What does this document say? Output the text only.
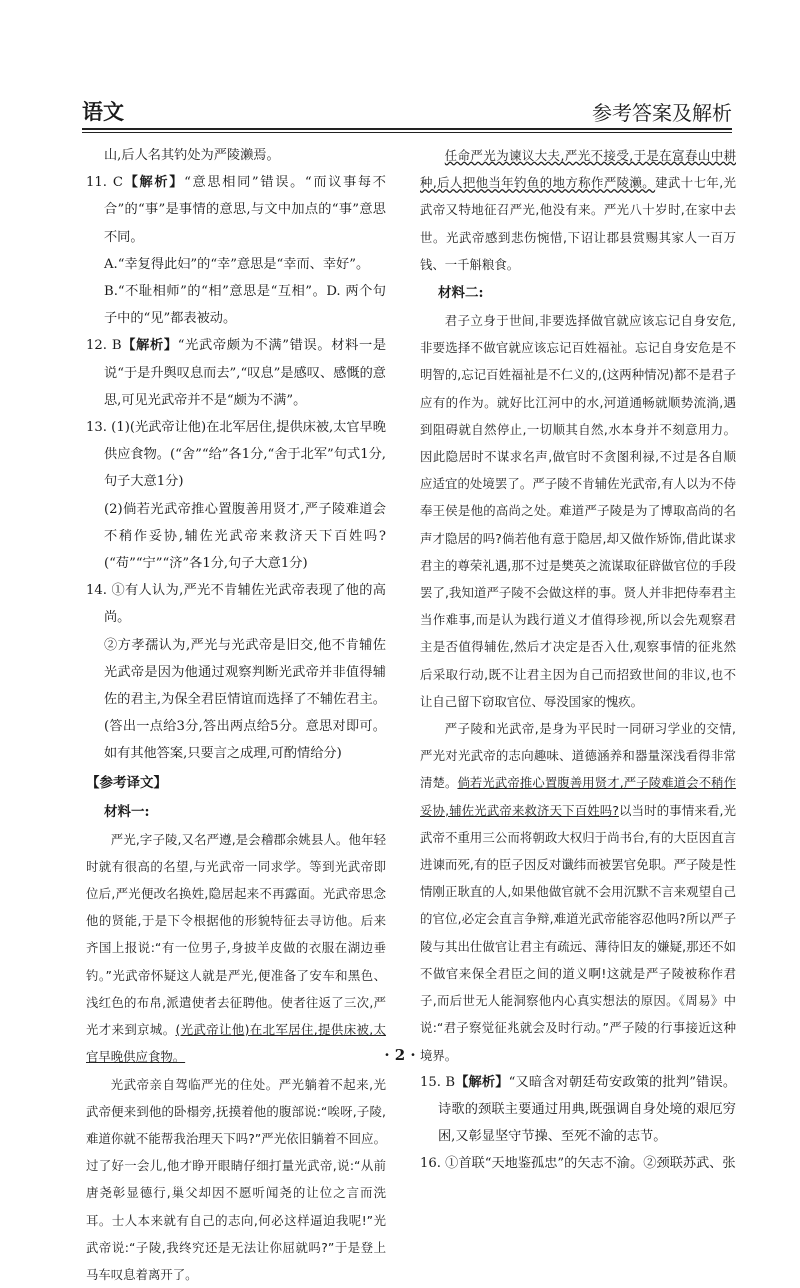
语文	参考答案及解析

山,后人名其钓处为严陵濑焉。

11. C【解析】“意思相同”错误。“而议事每不合”的“事”是事情的意思,与文中加点的“事”意思不同。

A.“幸复得此妇”的“幸”意思是“幸而、幸好”。

B.“不耻相师”的“相”意思是“互相”。D. 两个句子中的“见”都表被动。

12. B【解析】“光武帝颇为不满”错误。材料一是说“于是升舆叹息而去”,“叹息”是感叹、感慨的意思,可见光武帝并不是“颇为不满”。

13. (1)(光武帝让他)在北军居住,提供床被,太官早晚供应食物。(“舍”“给”各1分,“舍于北军”句式1分,句子大意1分)

(2)倘若光武帝推心置腹善用贤才,严子陵难道会不稍作妥协,辅佐光武帝来救济天下百姓吗?(“苟”“宁”“济”各1分,句子大意1分)

14. ①有人认为,严光不肯辅佐光武帝表现了他的高尚。

②方孝孺认为,严光与光武帝是旧交,他不肯辅佐光武帝是因为他通过观察判断光武帝并非值得辅佐的君主,为保全君臣情谊而选择了不辅佐君主。(答出一点给3分,答出两点给5分。意思对即可。如有其他答案,只要言之成理,可酌情给分)

【参考译文】

材料一:

严光,字子陵,又名严遵,是会稽郡余姚县人。他年轻时就有很高的名望,与光武帝一同求学。等到光武帝即位后,严光便改名换姓,隐居起来不再露面。光武帝思念他的贤能,于是下令根据他的形貌特征去寻访他。后来齐国上报说:“有一位男子,身披羊皮做的衣服在湖边垂钓。”光武帝怀疑这人就是严光,便准备了安车和黑色、浅红色的布帛,派遣使者去征聘他。使者往返了三次,严光才来到京城。(光武帝让他)在北军居住,提供床被,太官早晚供应食物。

光武帝亲自驾临严光的住处。严光躺着不起来,光武帝便来到他的卧榻旁,抚摸着他的腹部说:“唉呀,子陵,难道你就不能帮我治理天下吗?”严光依旧躺着不回应。过了好一会儿,他才睁开眼睛仔细打量光武帝,说:“从前唐尧彰显德行,巢父却因不愿听闻尧的让位之言而洗耳。士人本来就有自己的志向,何必这样逼迫我呢!”光武帝说:“子陵,我终究还是无法让你屈就吗?”于是登上马车叹息着离开了。

任命严光为谏议大夫,严光不接受,于是在富春山中耕种,后人把他当年钓鱼的地方称作严陵濑。建武十七年,光武帝又特地征召严光,他没有来。严光八十岁时,在家中去世。光武帝感到悲伤惋惜,下诏让郡县赏赐其家人一百万钱、一千斛粮食。

材料二:

君子立身于世间,非要选择做官就应该忘记自身安危,非要选择不做官就应该忘记百姓福祉。忘记自身安危是不明智的,忘记百姓福祉是不仁义的,(这两种情况)都不是君子应有的作为。就好比江河中的水,河道通畅就顺势流淌,遇到阻碍就自然停止,一切顺其自然,水本身并不刻意用力。因此隐居时不谋求名声,做官时不贪图利禄,不过是各自顺应适宜的处境罢了。严子陵不肯辅佐光武帝,有人以为不侍奉王侯是他的高尚之处。难道严子陵是为了博取高尚的名声才隐居的吗?倘若他有意于隐居,却又做作矫饰,借此谋求君主的尊荣礼遇,那不过是樊英之流谋取征辟做官位的手段罢了,我知道严子陵不会做这样的事。贤人并非把侍奉君主当作难事,而是认为践行道义才值得珍视,所以会先观察君主是否值得辅佐,然后才决定是否入仕,观察事情的征兆然后采取行动,既不让君主因为自己而招致世间的非议,也不让自己留下窃取官位、辱没国家的愧疚。

严子陵和光武帝,是身为平民时一同研习学业的交情,严光对光武帝的志向趣味、道德涵养和器量深浅看得非常清楚。倘若光武帝推心置腹善用贤才,严子陵难道会不稍作妥协,辅佐光武帝来救济天下百姓吗?以当时的事情来看,光武帝不重用三公而将朝政大权归于尚书台,有的大臣因直言进谏而死,有的臣子因反对谶纬而被罢官免职。严子陵是性情刚正耿直的人,如果他做官就不会用沉默不言来观望自己的官位,必定会直言争辩,难道光武帝能容忍他吗?所以严子陵与其出仕做官让君主有疏远、薄待旧友的嫌疑,那还不如不做官来保全君臣之间的道义啊!这就是严子陵被称作君子,而后世无人能洞察他内心真实想法的原因。《周易》中说:“君子察觉征兆就会及时行动。”严子陵的行事接近这种境界。

15. B【解析】“又暗含对朝廷苟安政策的批判”错误。诗歌的颈联主要通过用典,既强调自身处境的艰厄穷困,又彰显坚守节操、至死不渝的志节。

16. ①首联“天地鉴孤忠”的矢志不渝。②颈联苏武、张

· 2 ·
